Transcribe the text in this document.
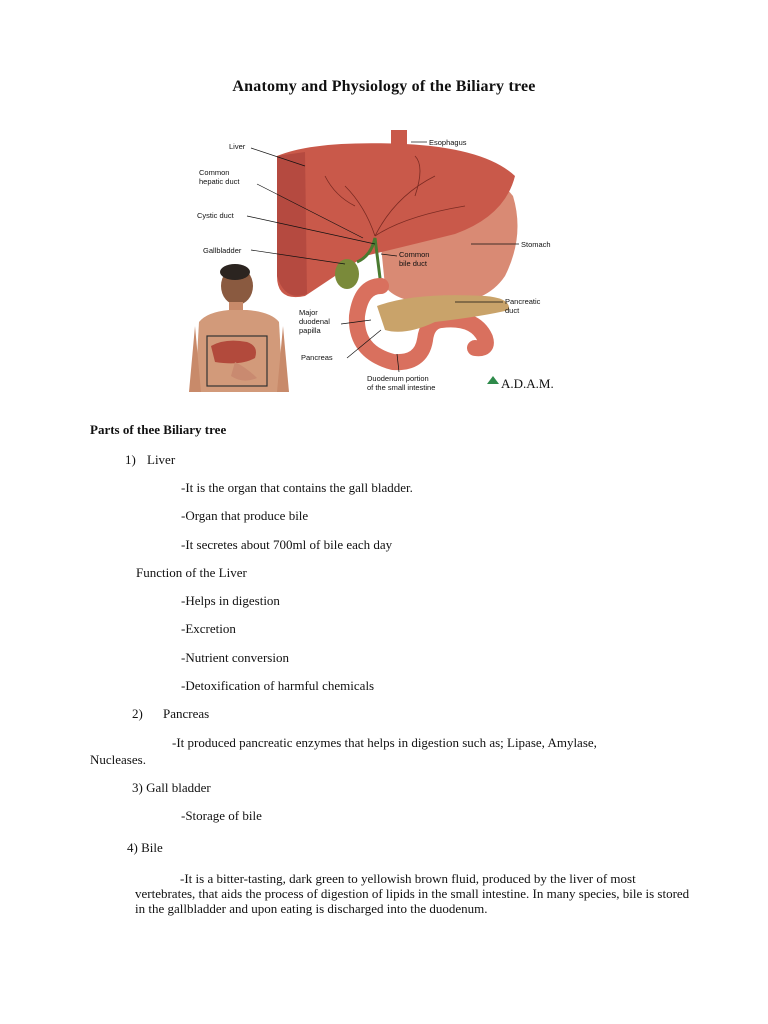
Anatomy and Physiology of the Biliary tree
Liver
Common
hepatic duct
Cystic duct
Gallbladder
Esophagus
Stomach
Common
bile duct
Pancreatic
duct
Major
duodenal
papilla
Pancreas
Duodenum portion
of the small intestine	A.D.A.M.
Parts of thee Biliary tree
1) Liver
-It is the organ that contains the gall bladder.
-Organ that produce bile
-It secretes about 700ml of bile each day
Function of the Liver
-Helps in digestion
-Excretion
-Nutrient conversion
-Detoxification of harmful chemicals
2) Pancreas
-It produced pancreatic enzymes that helps in digestion such as; Lipase, Amylase,
Nucleases.
3) Gall bladder
-Storage of bile
4) Bile
-It is a bitter-tasting, dark green to yellowish brown fluid, produced by the liver of most vertebrates, that aids the process of digestion of lipids in the small intestine. In many species, bile is stored in the gallbladder and upon eating is discharged into the duodenum.
